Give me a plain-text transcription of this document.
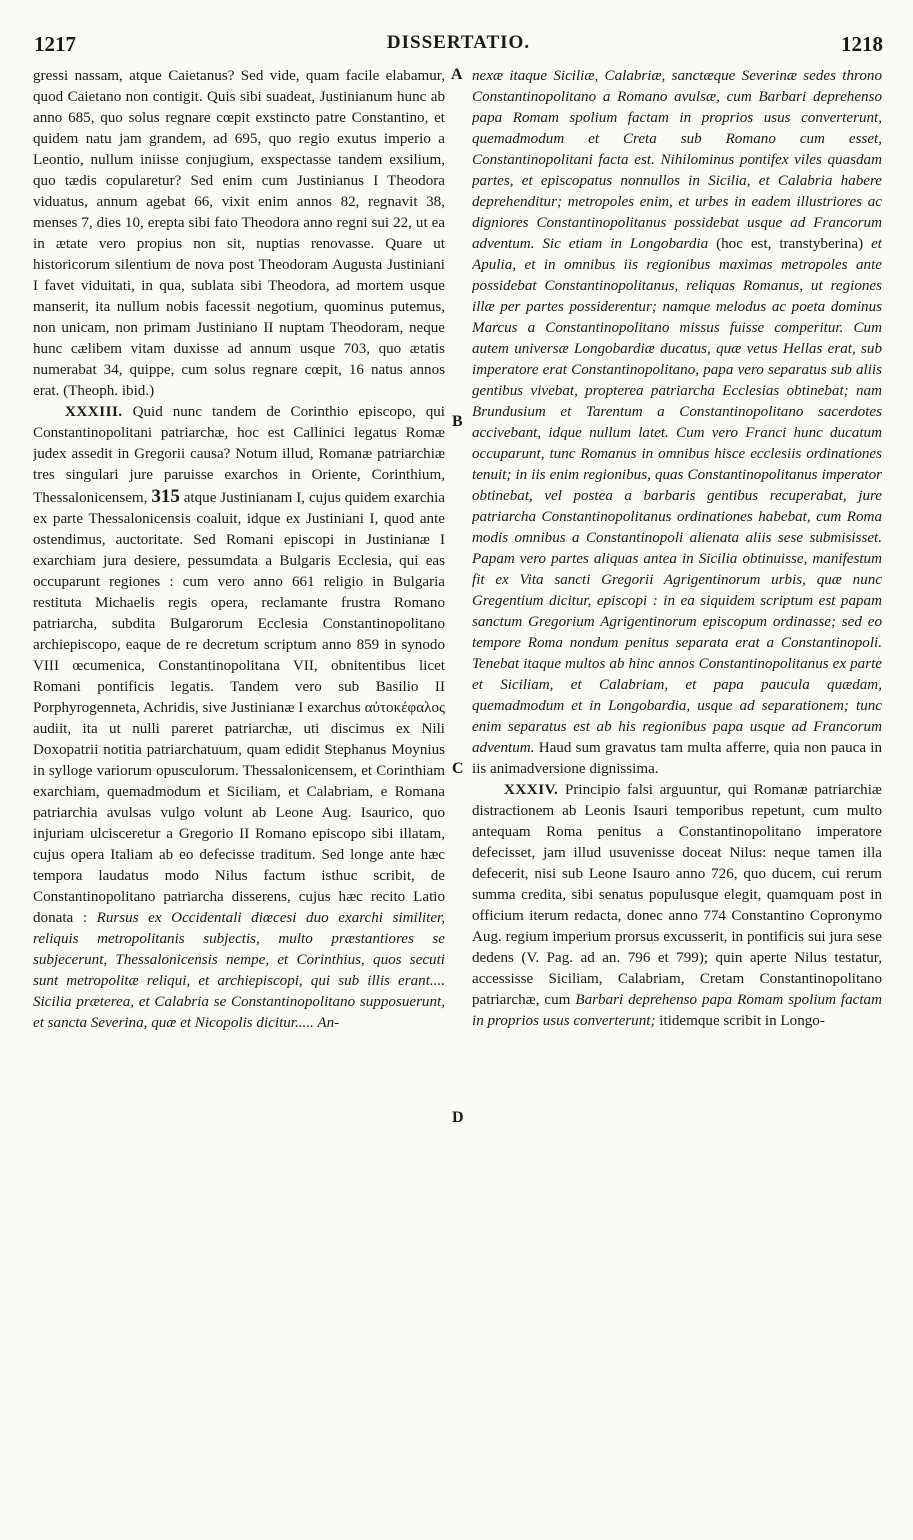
1217	DISSERTATIO.	1218
A
B
C
D

gressi nassam, atque Caietanus? Sed vide, quam facile elabamur, quod Caietano non contigit. Quis sibi suadeat, Justinianum hunc ab anno 685, quo solus regnare cœpit exstincto patre Constantino, et quidem natu jam grandem, ad 695, quo regio exutus imperio a Leontio, nullum iniisse conjugium, exspectasse tandem exsilium, quo tædis copularetur? Sed enim cum Justinianus I Theodora viduatus, annum agebat 66, vixit enim annos 82, regnavit 38, menses 7, dies 10, erepta sibi fato Theodora anno regni sui 22, ut ea in ætate vero propius non sit, nuptias renovasse. Quare ut historicorum silentium de nova post Theodoram Augusta Justiniani I favet viduitati, in qua, sublata sibi Theodora, ad mortem usque manserit, ita nullum nobis facessit negotium, quominus putemus, non unicam, non primam Justiniano II nuptam Theodoram, neque hunc cælibem vitam duxisse ad annum usque 703, quo ætatis numerabat 34, quippe, cum solus regnare cœpit, 16 natus annos erat. (Theoph. ibid.)

XXXIII. Quid nunc tandem de Corinthio episcopo, qui Constantinopolitani patriarchæ, hoc est Callinici legatus Romæ judex assedit in Gregorii causa? Notum illud, Romanæ patriarchiæ tres singulari jure paruisse exarchos in Oriente, Corinthium, Thessalonicensem, 315 atque Justinianam I, cujus quidem exarchia ex parte Thessalonicensis coaluit, idque ex Justiniani I, quod ante ostendimus, auctoritate. Sed Romani episcopi in Justinianæ I exarchiam jura desiere, pessumdata a Bulgaris Ecclesia, qui eas occuparunt regiones : cum vero anno 661 religio in Bulgaria restituta Michaelis regis opera, reclamante frustra Romano patriarcha, subdita Bulgarorum Ecclesia Constantinopolitano archiepiscopo, eaque de re decretum scriptum anno 859 in synodo VIII œcumenica, Constantinopolitana VII, obnitentibus licet Romani pontificis legatis. Tandem vero sub Basilio II Porphyrogenneta, Achridis, sive Justinianæ I exarchus αὐτοκέφαλος audiit, ita ut nulli pareret patriarchæ, uti discimus ex Nili Doxopatrii notitia patriarchatuum, quam edidit Stephanus Moynius in sylloge variorum opusculorum. Thessalonicensem, et Corinthiam exarchiam, quemadmodum et Siciliam, et Calabriam, e Romana patriarchia avulsas vulgo volunt ab Leone Aug. Isaurico, quo injuriam ulcisceretur a Gregorio II Romano episcopo sibi illatam, cujus opera Italiam ab eo defecisse traditum. Sed longe ante hæc tempora laudatus modo Nilus factum isthuc scribit, de Constantinopolitano patriarcha disserens, cujus hæc recito Latio donata : Rursus ex Occidentali diœcesi duo exarchi similiter, reliquis metropolitanis subjectis, multo præstantiores se subjecerunt, Thessalonicensis nempe, et Corinthius, quos secuti sunt metropolitæ reliqui, et archiepiscopi, qui sub illis erant.... Sicilia præterea, et Calabria se Constantinopolitano supposuerunt, et sancta Severina, quæ et Nicopolis dicitur..... An-

nexæ itaque Siciliæ, Calabriæ, sanctæque Severinæ sedes throno Constantinopolitano a Romano avulsæ, cum Barbari deprehenso papa Romam spolium factam in proprios usus converterunt, quemadmodum et Creta sub Romano cum esset, Constantinopolitani facta est. Nihilominus pontifex viles quasdam partes, et episcopatus nonnullos in Sicilia, et Calabria habere deprehenditur; metropoles enim, et urbes in eadem illustriores ac digniores Constantinopolitanus possidebat usque ad Francorum adventum. Sic etiam in Longobardia (hoc est, transtyberina) et Apulia, et in omnibus iis regionibus maximas metropoles ante possidebat Constantinopolitanus, reliquas Romanus, ut regiones illæ per partes possiderentur; namque melodus ac poeta dominus Marcus a Constantinopolitano missus fuisse comperitur. Cum autem universæ Longobardiæ ducatus, quæ vetus Hellas erat, sub imperatore erat Constantinopolitano, papa vero separatus sub aliis gentibus vivebat, propterea patriarcha Ecclesias obtinebat; nam Brundusium et Tarentum a Constantinopolitano sacerdotes accivebant, idque nullum latet. Cum vero Franci hunc ducatum occuparunt, tunc Romanus in omnibus hisce ecclesiis ordinationes tenuit; in iis enim regionibus, quas Constantinopolitanus imperator obtinebat, vel postea a barbaris gentibus recuperabat, jure patriarcha Constantinopolitanus ordinationes habebat, cum Roma modis omnibus a Constantinopoli alienata aliis sese submisisset. Papam vero partes aliquas antea in Sicilia obtinuisse, manifestum fit ex Vita sancti Gregorii Agrigentinorum urbis, quæ nunc Gregentium dicitur, episcopi : in ea siquidem scriptum est papam sanctum Gregorium Agrigentinorum episcopum ordinasse; sed eo tempore Roma nondum penitus separata erat a Constantinopoli. Tenebat itaque multos ab hinc annos Constantinopolitanus ex parte et Siciliam, et Calabriam, et papa paucula quædam, quemadmodum et in Longobardia, usque ad separationem; tunc enim separatus est ab his regionibus papa usque ad Francorum adventum. Haud sum gravatus tam multa afferre, quia non pauca in iis animadversione dignissima.

XXXIV. Principio falsi arguuntur, qui Romanæ patriarchiæ distractionem ab Leonis Isauri temporibus repetunt, cum multo antequam Roma penitus a Constantinopolitano imperatore defecisset, jam illud usuvenisse doceat Nilus: neque tamen illa defecerit, nisi sub Leone Isauro anno 726, quo ducem, cui rerum summa credita, sibi senatus populusque elegit, quamquam post in officium iterum redacta, donec anno 774 Constantino Copronymo Aug. regium imperium prorsus excusserit, in pontificis sui jura sese dedens (V. Pag. ad an. 796 et 799); quin aperte Nilus testatur, accessisse Siciliam, Calabriam, Cretam Constantinopolitano patriarchæ, cum Barbari deprehenso papa Romam spolium factam in proprios usus converterunt; itidemque scribit in Longo-
